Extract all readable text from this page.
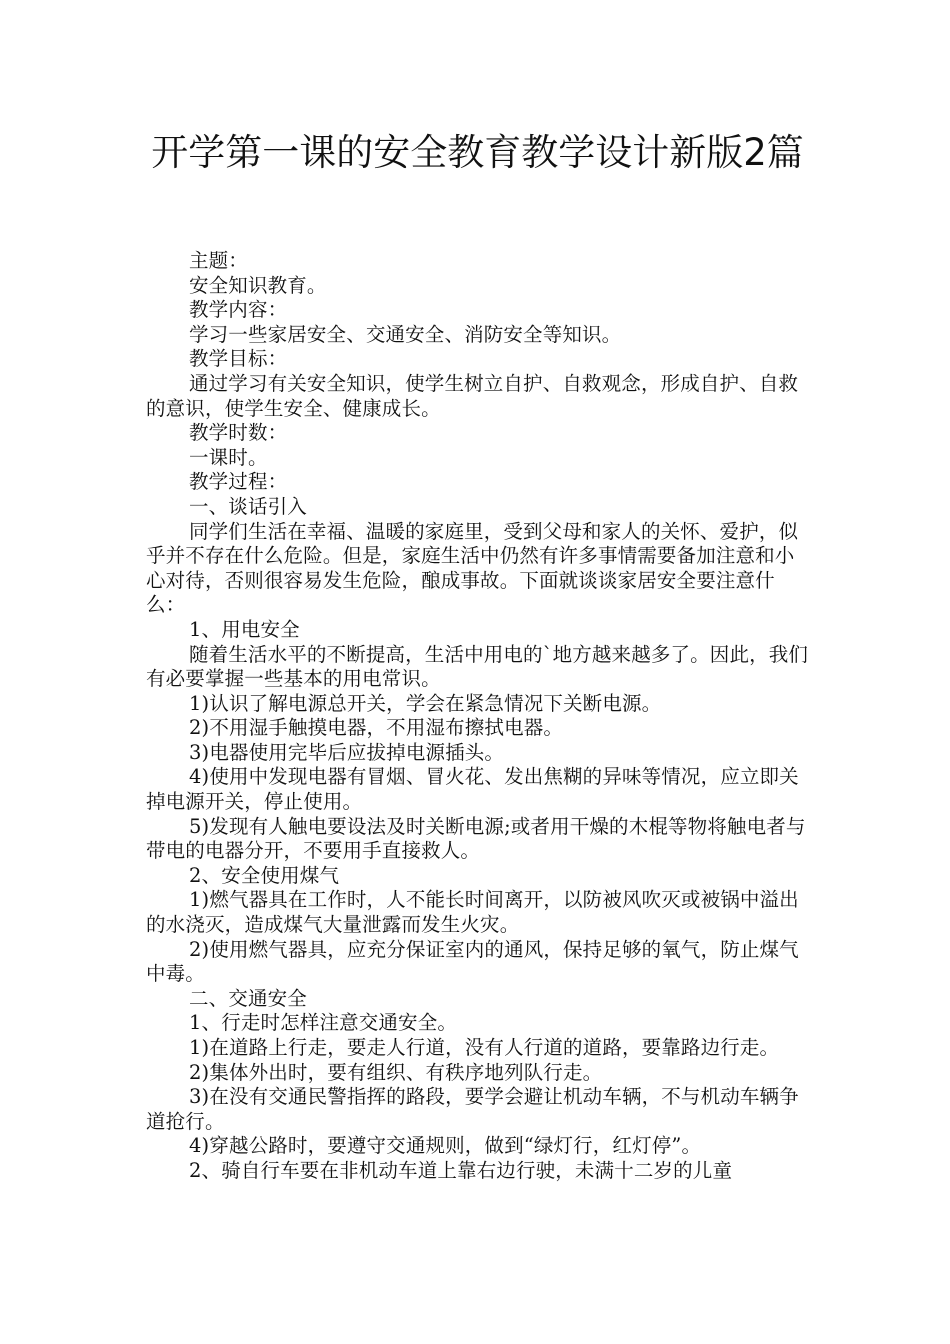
开学第一课的安全教育教学设计新版2篇

主题：

安全知识教育。

教学内容：

学习一些家居安全、交通安全、消防安全等知识。

教学目标：

通过学习有关安全知识，使学生树立自护、自救观念，形成自护、自救的意识，使学生安全、健康成长。

教学时数：

一课时。

教学过程：

一、谈话引入

同学们生活在幸福、温暖的家庭里，受到父母和家人的关怀、爱护，似乎并不存在什么危险。但是，家庭生活中仍然有许多事情需要备加注意和小心对待，否则很容易发生危险，酿成事故。下面就谈谈家居安全要注意什么：

1、用电安全

随着生活水平的不断提高，生活中用电的`地方越来越多了。因此，我们有必要掌握一些基本的用电常识。

1)认识了解电源总开关，学会在紧急情况下关断电源。

2)不用湿手触摸电器，不用湿布擦拭电器。

3)电器使用完毕后应拔掉电源插头。

4)使用中发现电器有冒烟、冒火花、发出焦糊的异味等情况，应立即关掉电源开关，停止使用。

5)发现有人触电要设法及时关断电源;或者用干燥的木棍等物将触电者与带电的电器分开，不要用手直接救人。

2、安全使用煤气

1)燃气器具在工作时，人不能长时间离开，以防被风吹灭或被锅中溢出的水浇灭，造成煤气大量泄露而发生火灾。

2)使用燃气器具，应充分保证室内的通风，保持足够的氧气，防止煤气中毒。

二、交通安全

1、行走时怎样注意交通安全。

1)在道路上行走，要走人行道，没有人行道的道路，要靠路边行走。

2)集体外出时，要有组织、有秩序地列队行走。

3)在没有交通民警指挥的路段，要学会避让机动车辆，不与机动车辆争道抢行。

4)穿越公路时，要遵守交通规则，做到“绿灯行，红灯停”。

2、骑自行车要在非机动车道上靠右边行驶，未满十二岁的儿童
